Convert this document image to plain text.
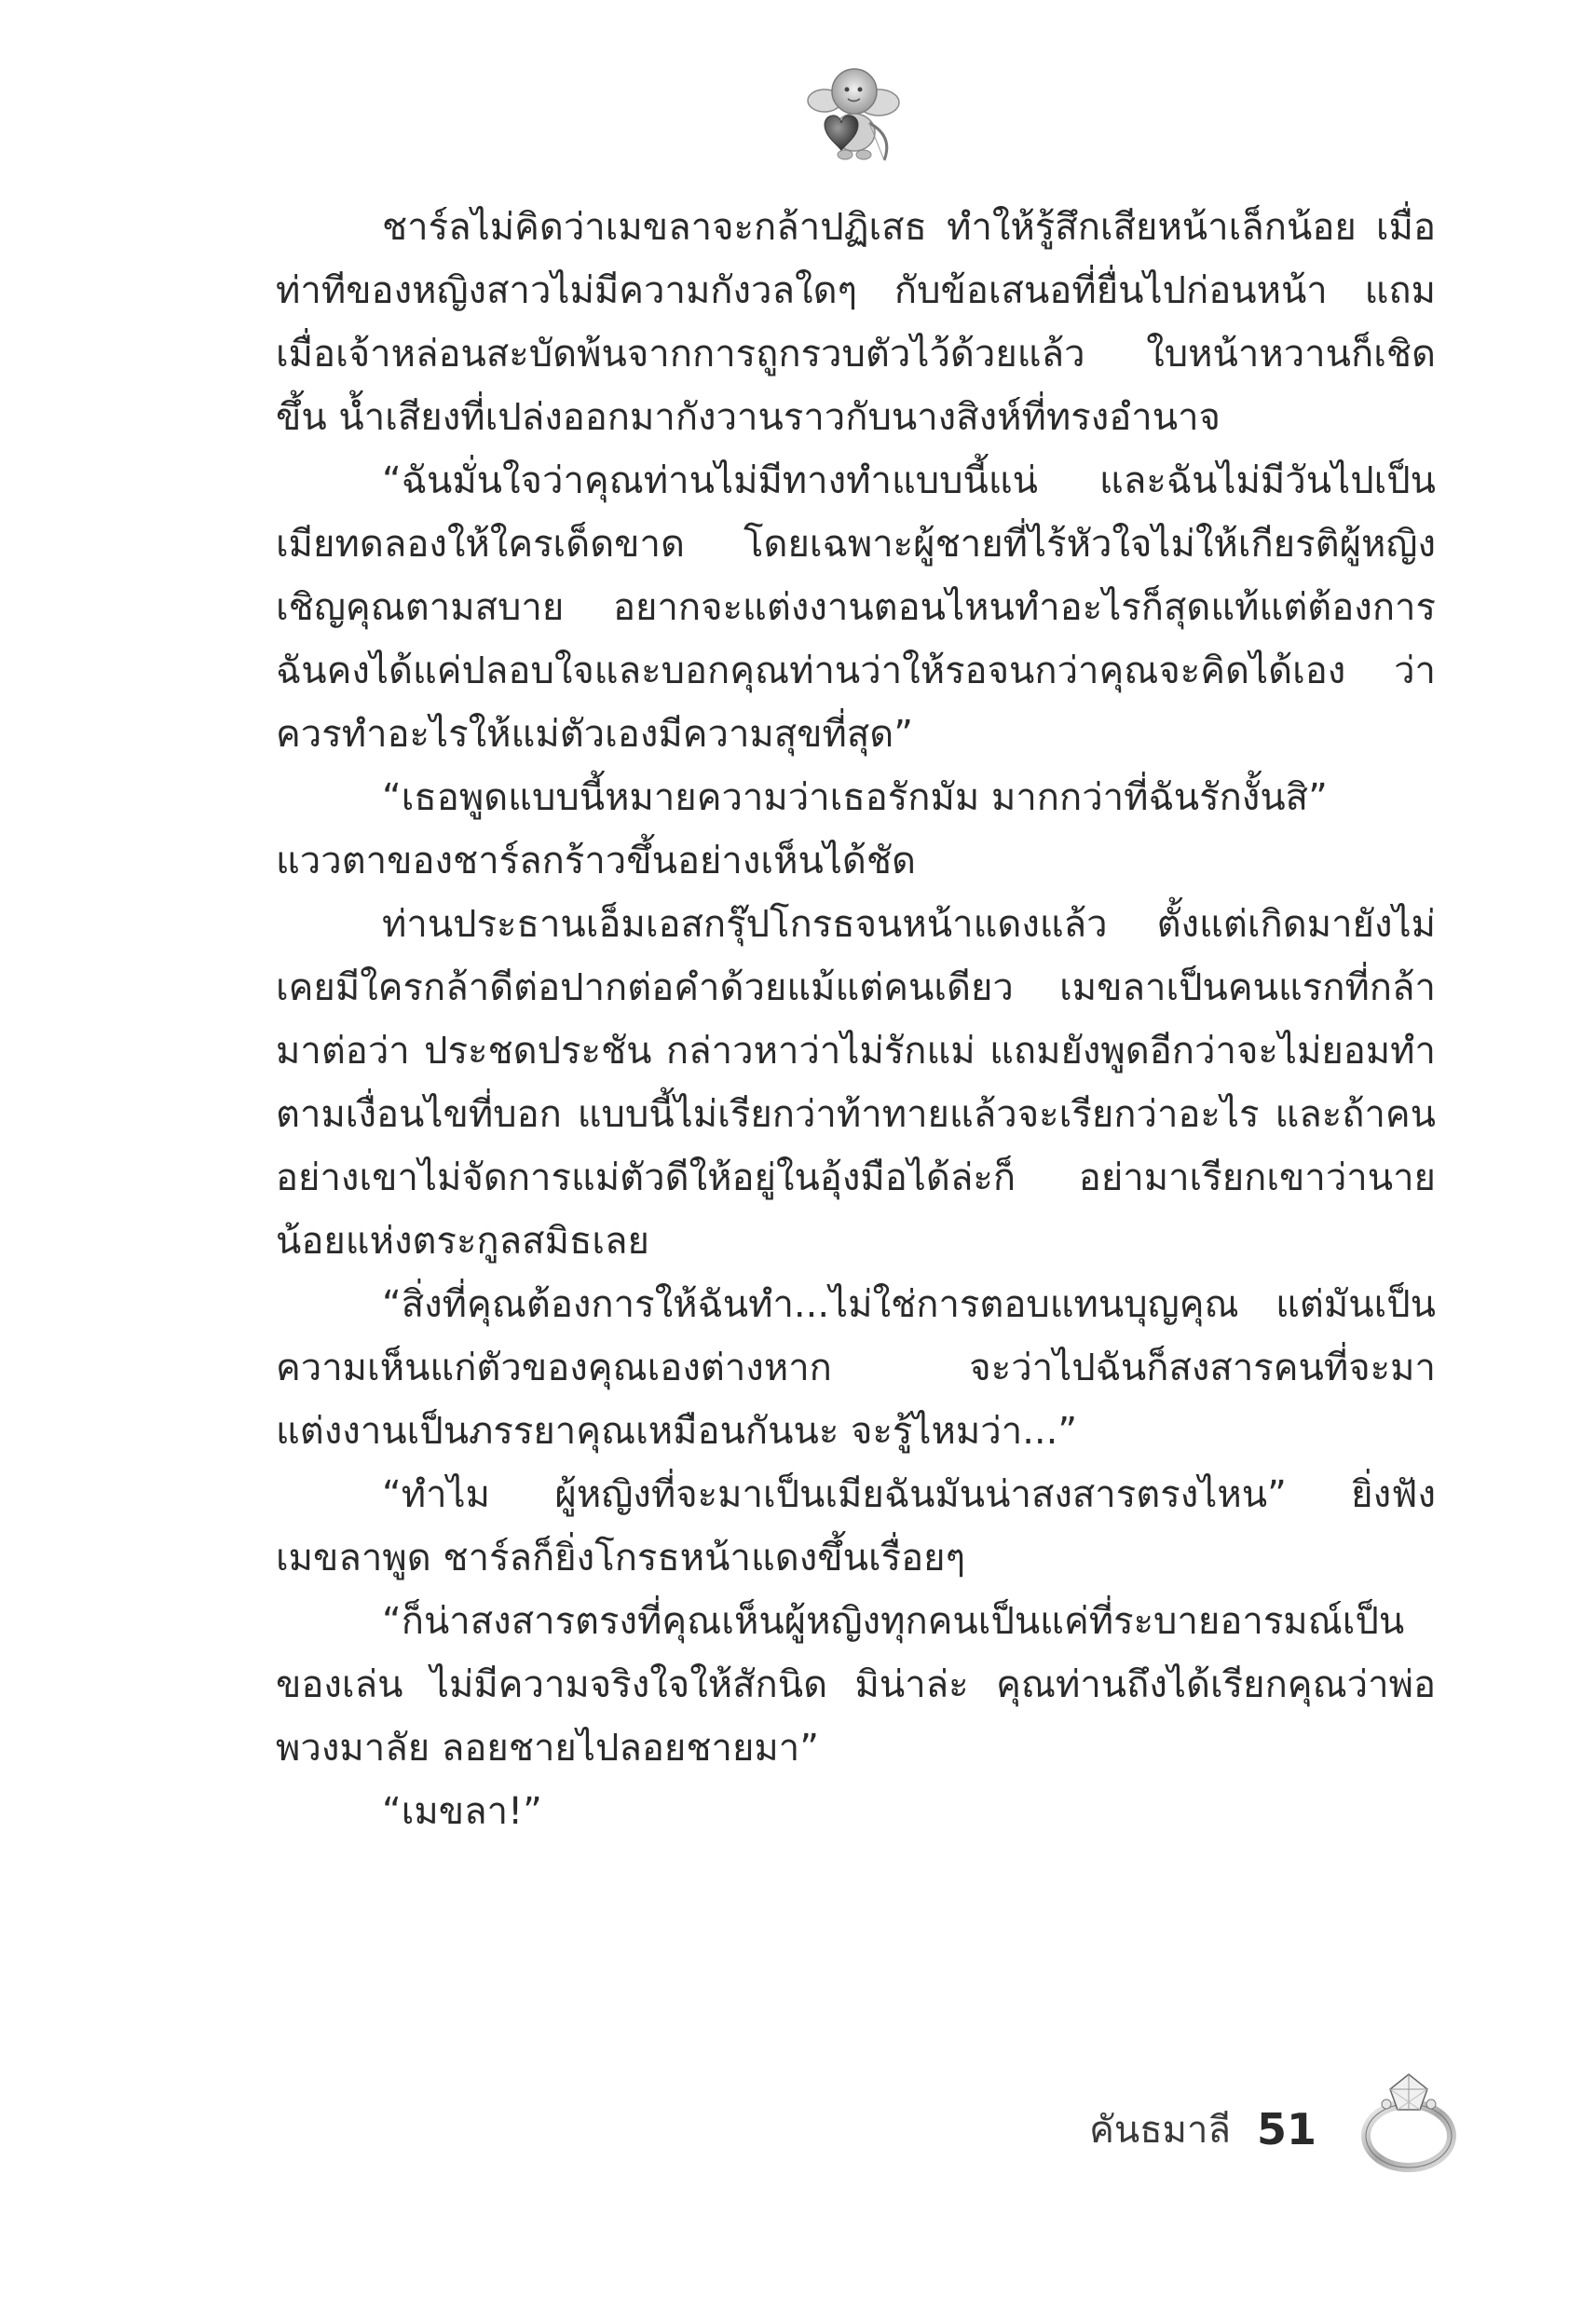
ชาร์ลไม่คิดว่าเมขลาจะกล้าปฏิเสธ ทำให้รู้สึกเสียหน้าเล็กน้อย เมื่อท่าทีของหญิงสาวไม่มีความกังวลใดๆ กับข้อเสนอที่ยื่นไปก่อนหน้า แถมเมื่อเจ้าหล่อนสะบัดพ้นจากการถูกรวบตัวไว้ด้วยแล้ว ใบหน้าหวานก็เชิดขึ้น น้ำเสียงที่เปล่งออกมากังวานราวกับนางสิงห์ที่ทรงอำนาจ

“ฉันมั่นใจว่าคุณท่านไม่มีทางทำแบบนี้แน่ และฉันไม่มีวันไปเป็นเมียทดลองให้ใครเด็ดขาด โดยเฉพาะผู้ชายที่ไร้หัวใจไม่ให้เกียรติผู้หญิง เชิญคุณตามสบาย อยากจะแต่งงานตอนไหนทำอะไรก็สุดแท้แต่ต้องการ ฉันคงได้แค่ปลอบใจและบอกคุณท่านว่าให้รอจนกว่าคุณจะคิดได้เอง ว่าควรทำอะไรให้แม่ตัวเองมีความสุขที่สุด”

“เธอพูดแบบนี้หมายความว่าเธอรักมัม มากกว่าที่ฉันรักงั้นสิ”

แววตาของชาร์ลกร้าวขึ้นอย่างเห็นได้ชัด

ท่านประธานเอ็มเอสกรุ๊ปโกรธจนหน้าแดงแล้ว ตั้งแต่เกิดมายังไม่เคยมีใครกล้าดีต่อปากต่อคำด้วยแม้แต่คนเดียว เมขลาเป็นคนแรกที่กล้ามาต่อว่า ประชดประชัน กล่าวหาว่าไม่รักแม่ แถมยังพูดอีกว่าจะไม่ยอมทำตามเงื่อนไขที่บอก แบบนี้ไม่เรียกว่าท้าทายแล้วจะเรียกว่าอะไร และถ้าคนอย่างเขาไม่จัดการแม่ตัวดีให้อยู่ในอุ้งมือได้ล่ะก็ อย่ามาเรียกเขาว่านายน้อยแห่งตระกูลสมิธเลย

“สิ่งที่คุณต้องการให้ฉันทำ...ไม่ใช่การตอบแทนบุญคุณ แต่มันเป็นความเห็นแก่ตัวของคุณเองต่างหาก จะว่าไปฉันก็สงสารคนที่จะมาแต่งงานเป็นภรรยาคุณเหมือนกันนะ จะรู้ไหมว่า...”

“ทำไม ผู้หญิงที่จะมาเป็นเมียฉันมันน่าสงสารตรงไหน” ยิ่งฟังเมขลาพูด ชาร์ลก็ยิ่งโกรธหน้าแดงขึ้นเรื่อยๆ

“ก็น่าสงสารตรงที่คุณเห็นผู้หญิงทุกคนเป็นแค่ที่ระบายอารมณ์เป็นของเล่น ไม่มีความจริงใจให้สักนิด มิน่าล่ะ คุณท่านถึงได้เรียกคุณว่าพ่อพวงมาลัย ลอยชายไปลอยชายมา”

“เมขลา!”

คันธมาลี 51
